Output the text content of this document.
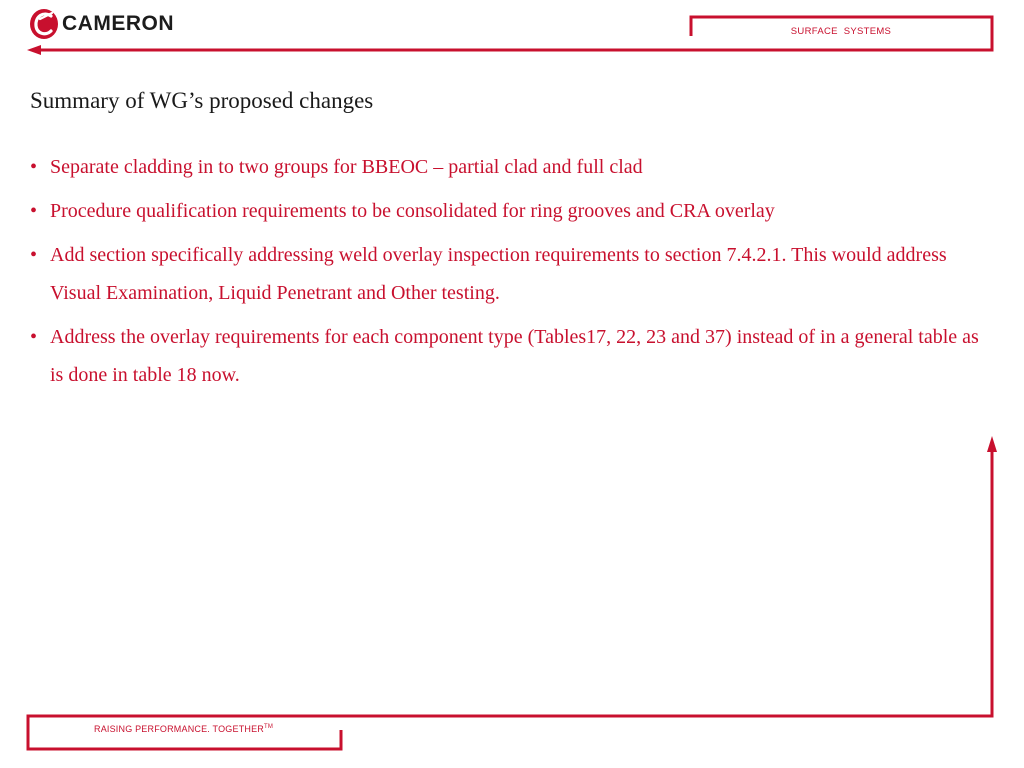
CAMERON	SURFACE SYSTEMS
Summary of WG’s proposed changes
• Separate cladding in to two groups for BBEOC – partial clad and full clad
• Procedure qualification requirements to be consolidated for ring grooves and CRA overlay
• Add section specifically addressing weld overlay inspection requirements to section 7.4.2.1. This would address Visual Examination, Liquid Penetrant and Other testing.
• Address the overlay requirements for each component type (Tables17, 22, 23 and 37) instead of in a general table as is done in table 18 now.
RAISING PERFORMANCE. TOGETHER™
